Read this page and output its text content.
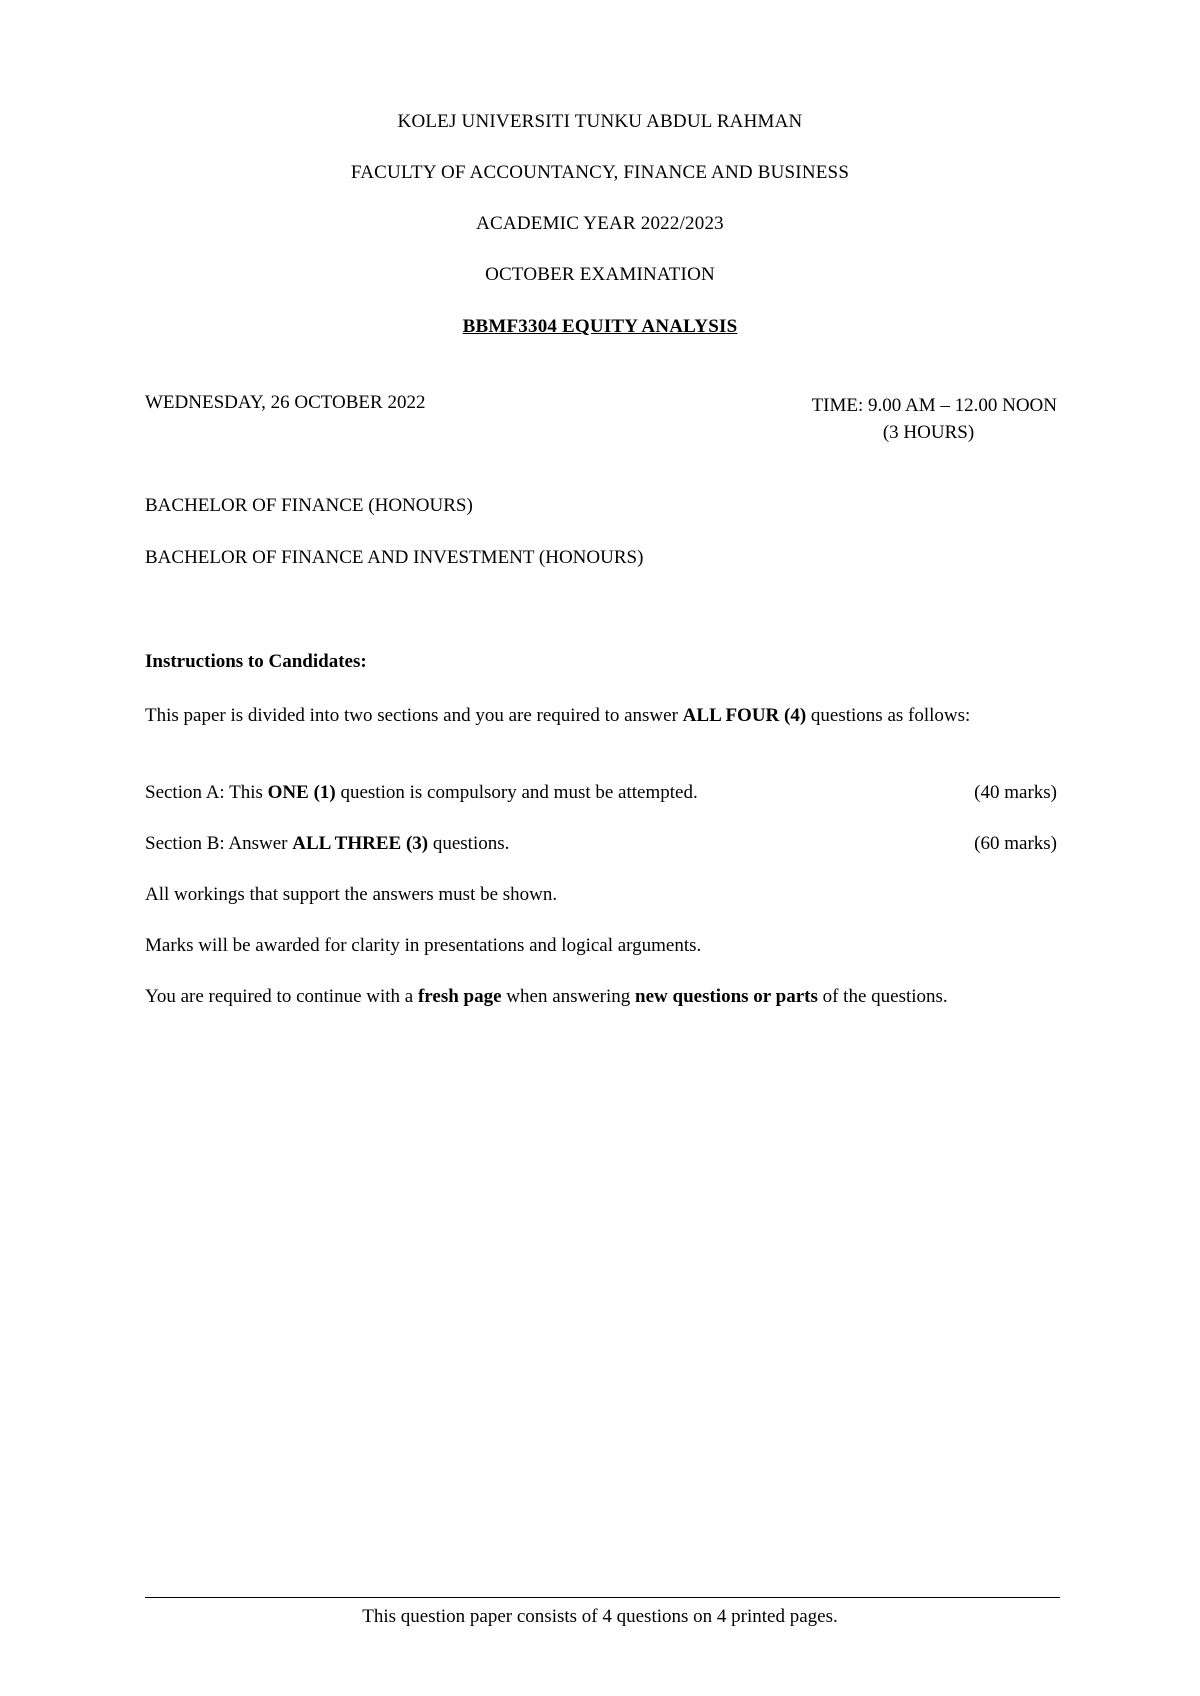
KOLEJ UNIVERSITI TUNKU ABDUL RAHMAN
FACULTY OF ACCOUNTANCY, FINANCE AND BUSINESS
ACADEMIC YEAR 2022/2023
OCTOBER EXAMINATION
BBMF3304 EQUITY ANALYSIS
WEDNESDAY, 26 OCTOBER 2022	TIME: 9.00 AM – 12.00 NOON
(3 HOURS)
BACHELOR OF FINANCE (HONOURS)
BACHELOR OF FINANCE AND INVESTMENT (HONOURS)
Instructions to Candidates:
This paper is divided into two sections and you are required to answer ALL FOUR (4) questions as follows:
Section A: This ONE (1) question is compulsory and must be attempted.	(40 marks)
Section B: Answer ALL THREE (3) questions.	(60 marks)
All workings that support the answers must be shown.
Marks will be awarded for clarity in presentations and logical arguments.
You are required to continue with a fresh page when answering new questions or parts of the questions.
This question paper consists of 4 questions on 4 printed pages.
